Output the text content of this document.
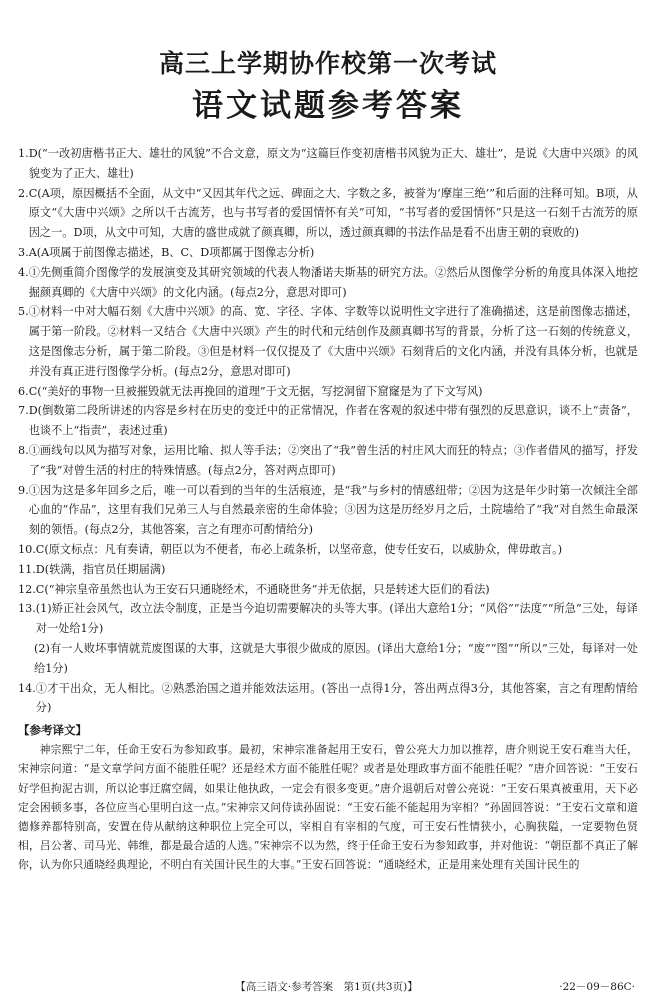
高三上学期协作校第一次考试
语文试题参考答案
1. D(“一改初唐楷书正大、雄壮的风貌”不合文意，原文为“这篇巨作变初唐楷书风貌为正大、雄壮”，是说《大唐中兴颂》的风貌变为了正大、雄壮)
2. C(A项，原因概括不全面，从文中“又因其年代之远、碑面之大、字数之多，被誉为‘摩崖三绝’”和后面的注释可知。B项，从原文“《大唐中兴颂》之所以千古流芳，也与书写者的爱国情怀有关”可知，“书写者的爱国情怀”只是这一石刻千古流芳的原因之一。D项，从文中可知，大唐的盛世成就了颜真卿，所以，透过颜真卿的书法作品是看不出唐王朝的衰败的)
3. A(A项属于前图像志描述，B、C、D项都属于图像志分析)
4. ①先侧重简介图像学的发展演变及其研究领域的代表人物潘诺夫斯基的研究方法。②然后从图像学分析的角度具体深入地挖掘颜真卿的《大唐中兴颂》的文化内涵。(每点2分，意思对即可)
5. ①材料一中对大幅石刻《大唐中兴颂》的高、宽、字径、字体、字数等以说明性文字进行了准确描述，这是前图像志描述，属于第一阶段。②材料一又结合《大唐中兴颂》产生的时代和元结创作及颜真卿书写的背景，分析了这一石刻的传统意义，这是图像志分析，属于第二阶段。③但是材料一仅仅提及了《大唐中兴颂》石刻背后的文化内涵，并没有具体分析，也就是并没有真正进行图像学分析。(每点2分，意思对即可)
6. C(“美好的事物一旦被摧毁就无法再挽回的道理”于文无据，写挖洞留下窟窿是为了下文写风)
7. D(倒数第二段所讲述的内容是乡村在历史的变迁中的正常情况，作者在客观的叙述中带有强烈的反思意识，谈不上“责备”，也谈不上“指责”，表述过重)
8. ①画线句以风为描写对象，运用比喻、拟人等手法；②突出了“我”曾生活的村庄风大而狂的特点；③作者借风的描写，抒发了“我”对曾生活的村庄的特殊情感。(每点2分，答对两点即可)
9. ①因为这是多年回乡之后，唯一可以看到的当年的生活痕迹，是“我”与乡村的情感纽带；②因为这是年少时第一次倾注全部心血的“作品”，这里有我们兄弟三人与自然最亲密的生命体验；③因为这是历经岁月之后，土院墙给了“我”对自然生命最深刻的领悟。(每点2分，其他答案，言之有理亦可酌情给分)
10. C(原文标点：凡有奏请，朝臣以为不便者，布必上疏条析，以坚帝意，使专任安石，以威胁众，俾毋敢言。)
11. D(轶满，指官员任期届满)
12. C(“神宗皇帝虽然也认为王安石只通晓经术，不通晓世务”并无依据，只是转述大臣们的看法)
13. (1)矫正社会风气，改立法令制度，正是当今迫切需要解决的头等大事。(译出大意给1分；“风俗”“法度”“所急”三处，每译对一处给1分)
(2)有一人败坏事情就荒废图谋的大事，这就是大事很少做成的原因。(译出大意给1分；“废”“图”“所以”三处，每译对一处给1分)
14. ①才干出众，无人相比。②熟悉治国之道并能效法运用。(答出一点得1分，答出两点得3分，其他答案，言之有理酌情给分)
【参考译文】
神宗熙宁二年，任命王安石为参知政事。最初，宋神宗准备起用王安石，曾公亮大力加以推荐，唐介则说王安石难当大任，宋神宗问道：“是文章学问方面不能胜任呢？还是经术方面不能胜任呢？或者是处理政事方面不能胜任呢？”唐介回答说：“王安石好学但拘泥古训，所以论事迂腐空阔，如果让他执政，一定会有很多变更。”唐介退朝后对曾公亮说：“王安石果真被重用，天下必定会困顿多事，各位应当心里明白这一点。”宋神宗又问侍读孙固说：“王安石能不能起用为宰相？”孙固回答说：“王安石文章和道德修养都特别高，安置在侍从献纳这种职位上完全可以，宰相自有宰相的气度，可王安石性情狭小，心胸狭隘，一定要物色贤相，吕公著、司马光、韩维，都是最合适的人选。”宋神宗不以为然，终于任命王安石为参知政事，并对他说：“朝臣都不真正了解你，认为你只通晓经典理论，不明白有关国计民生的大事。”王安石回答说：“通晓经术，正是用来处理有关国计民生的
【高三语文·参考答案　第1页(共3页)】	·22－09－86C·
